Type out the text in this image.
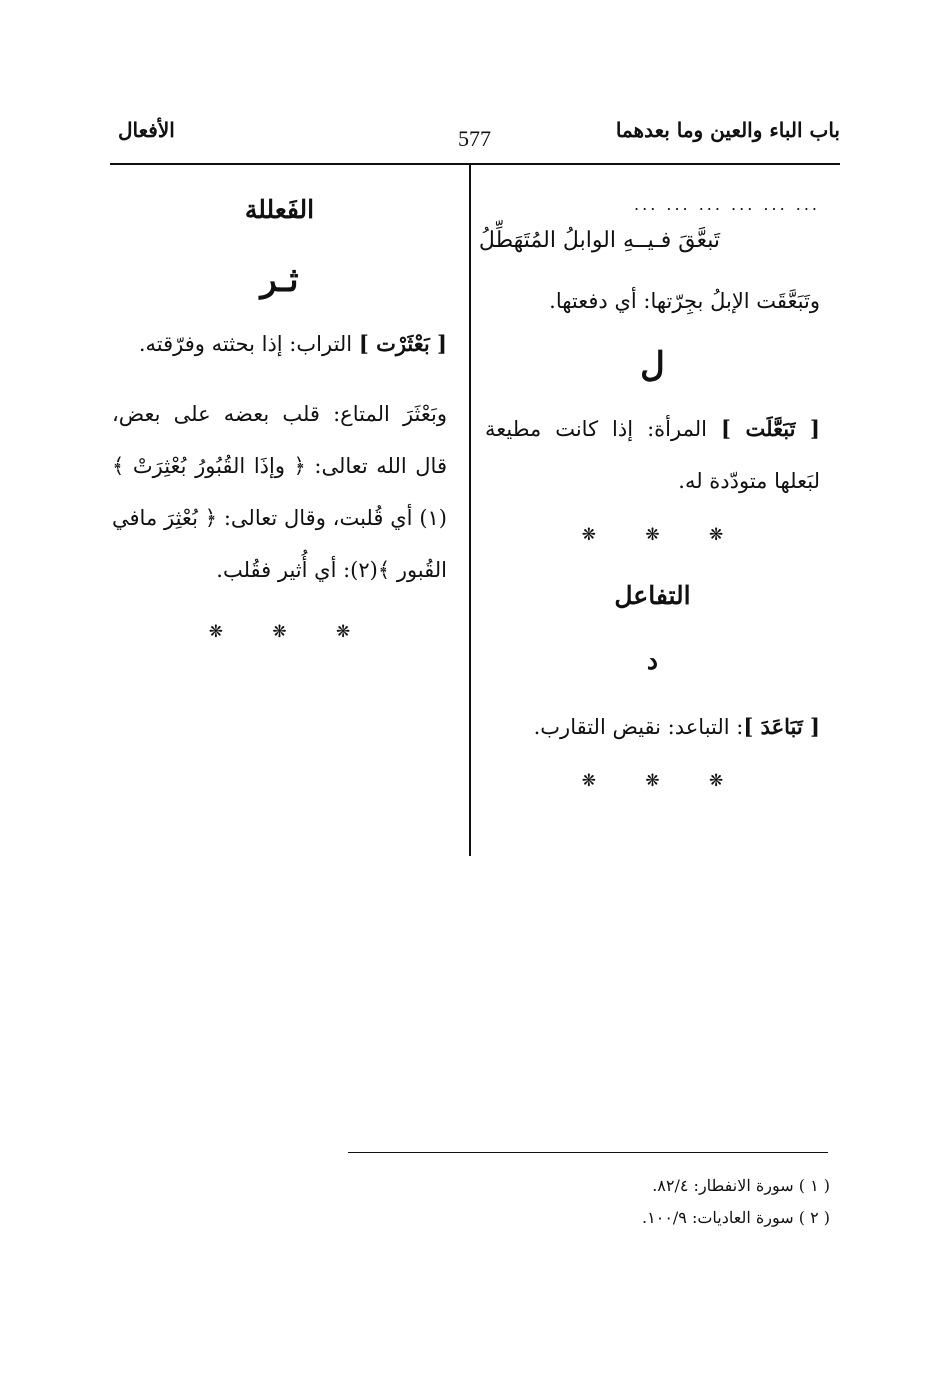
باب الباء والعين وما بعدهما
577
الأفعال
... ... ... ... ... ...
تَبعَّقَ فـيــهِ الوابلُ المُتَهَطِّلُ

وتَبَعَّقَت الإبلُ بجِرّتها: أي دفعتها.

ل

[ تَبَعَّلَت ] المرأة: إذا كانت مطيعة لبَعلها متودّدة له.

❋ ❋ ❋
التفاعل
د

[ تَبَاعَدَ ]: التباعد: نقيض التقارب.

❋ ❋ ❋
الفَعللة
ثـر

[ بَعْثَرْت ] التراب: إذا بحثته وفرّقته.

وبَعْثَرَ المتاع: قلب بعضه على بعض، قال الله تعالى: ﴿ وإذَا القُبُورُ بُعْثِرَتْ ﴾(١) أي قُلبت، وقال تعالى: ﴿ بُعْثِرَ مافي القُبور ﴾(٢): أي أُثير فقُلب.

❋ ❋ ❋
( ١ ) سورة الانفطار: ٨٢/٤.
( ٢ ) سورة العاديات: ١٠٠/٩.
